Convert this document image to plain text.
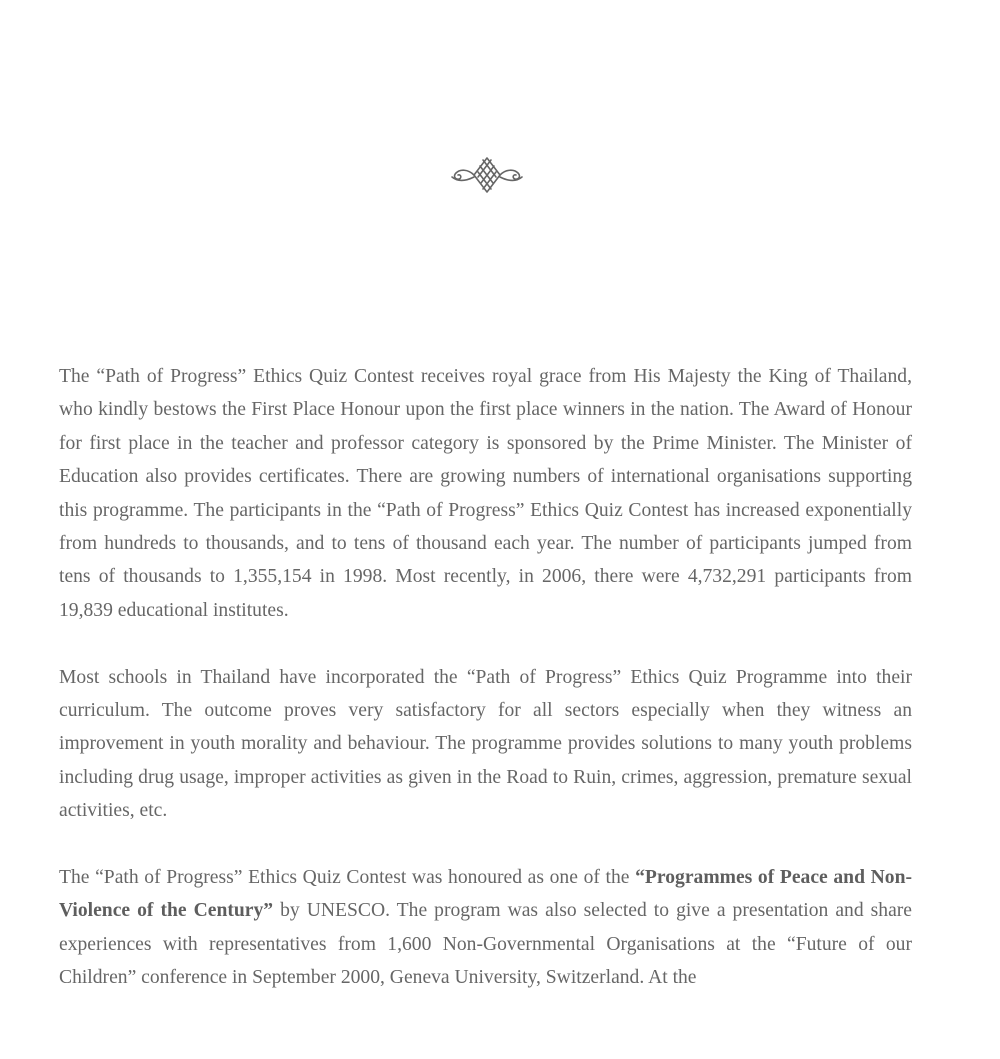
The “Path of Progress” Ethics Quiz Contest receives royal grace from His Majesty the King of Thailand, who kindly bestows the First Place Honour upon the first place winners in the nation. The Award of Honour for first place in the teacher and professor category is sponsored by the Prime Minister. The Minister of Education also provides certificates. There are growing numbers of international organisations supporting this programme. The participants in the “Path of Progress” Ethics Quiz Contest has increased exponentially from hundreds to thousands, and to tens of thousand each year. The number of participants jumped from tens of thousands to 1,355,154 in 1998. Most recently, in 2006, there were 4,732,291 participants from 19,839 educational institutes.

Most schools in Thailand have incorporated the “Path of Progress” Ethics Quiz Programme into their curriculum. The outcome proves very satisfactory for all sectors especially when they witness an improvement in youth morality and behaviour. The programme provides solutions to many youth problems including drug usage, improper activities as given in the Road to Ruin, crimes, aggression, premature sexual activities, etc.

The “Path of Progress” Ethics Quiz Contest was honoured as one of the “Programmes of Peace and Non-Violence of the Century” by UNESCO. The program was also selected to give a presentation and share experiences with representatives from 1,600 Non-Governmental Organisations at the “Future of our Children” conference in September 2000, Geneva University, Switzerland. At the
